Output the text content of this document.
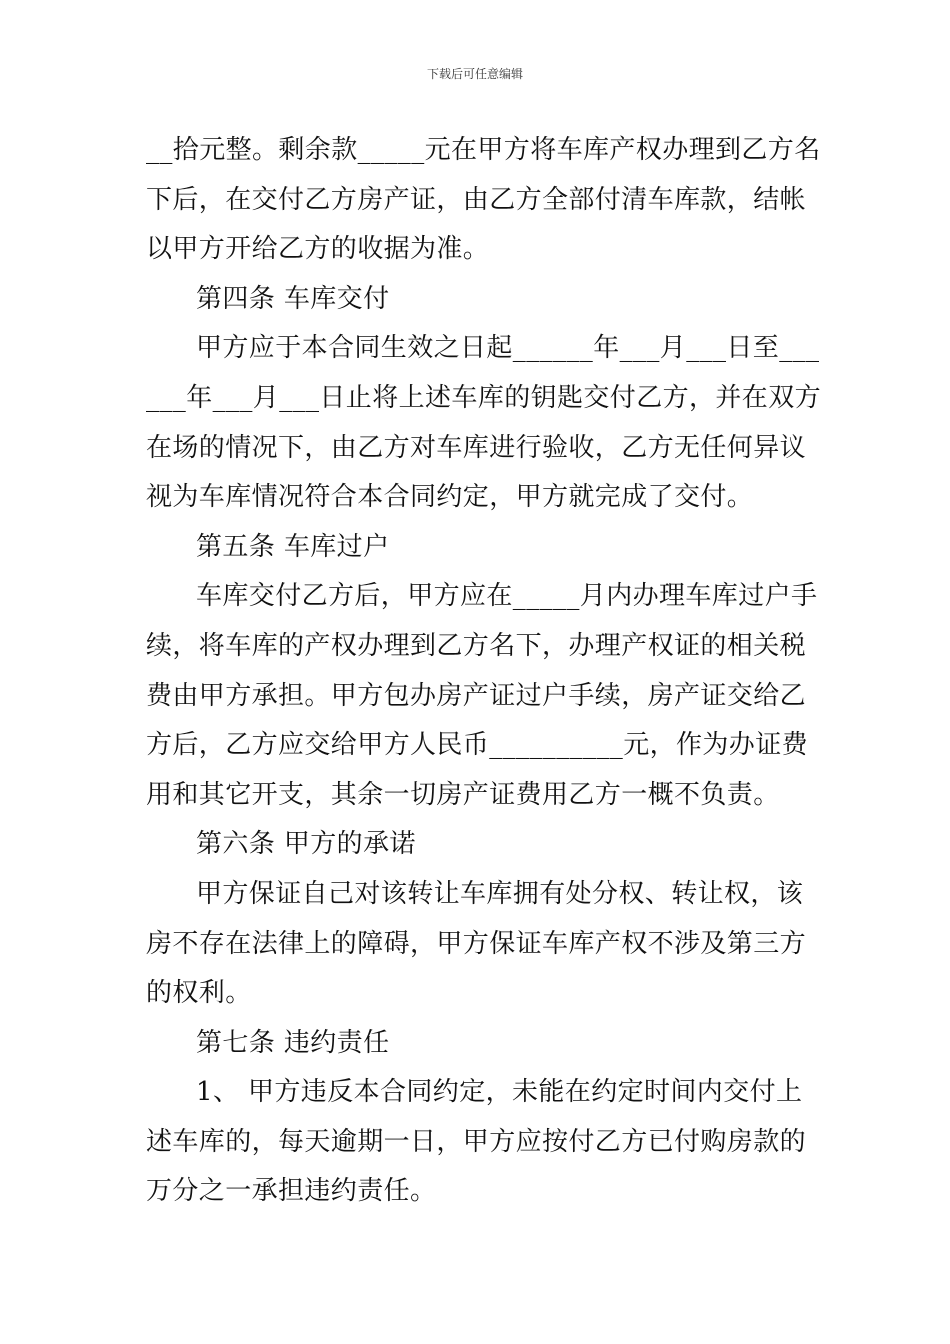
下载后可任意编辑
__拾元整。剩余款_____元在甲方将车库产权办理到乙方名
下后，在交付乙方房产证，由乙方全部付清车库款，结帐
以甲方开给乙方的收据为准。
第四条 车库交付
甲方应于本合同生效之日起______年___月___日至___
___年___月___日止将上述车库的钥匙交付乙方，并在双方
在场的情况下，由乙方对车库进行验收，乙方无任何异议
视为车库情况符合本合同约定，甲方就完成了交付。
第五条 车库过户
车库交付乙方后，甲方应在_____月内办理车库过户手
续，将车库的产权办理到乙方名下，办理产权证的相关税
费由甲方承担。甲方包办房产证过户手续，房产证交给乙
方后，乙方应交给甲方人民币__________元，作为办证费
用和其它开支，其余一切房产证费用乙方一概不负责。
第六条 甲方的承诺
甲方保证自己对该转让车库拥有处分权、转让权，该
房不存在法律上的障碍，甲方保证车库产权不涉及第三方
的权利。
第七条 违约责任
1、 甲方违反本合同约定，未能在约定时间内交付上
述车库的，每天逾期一日，甲方应按付乙方已付购房款的
万分之一承担违约责任。
